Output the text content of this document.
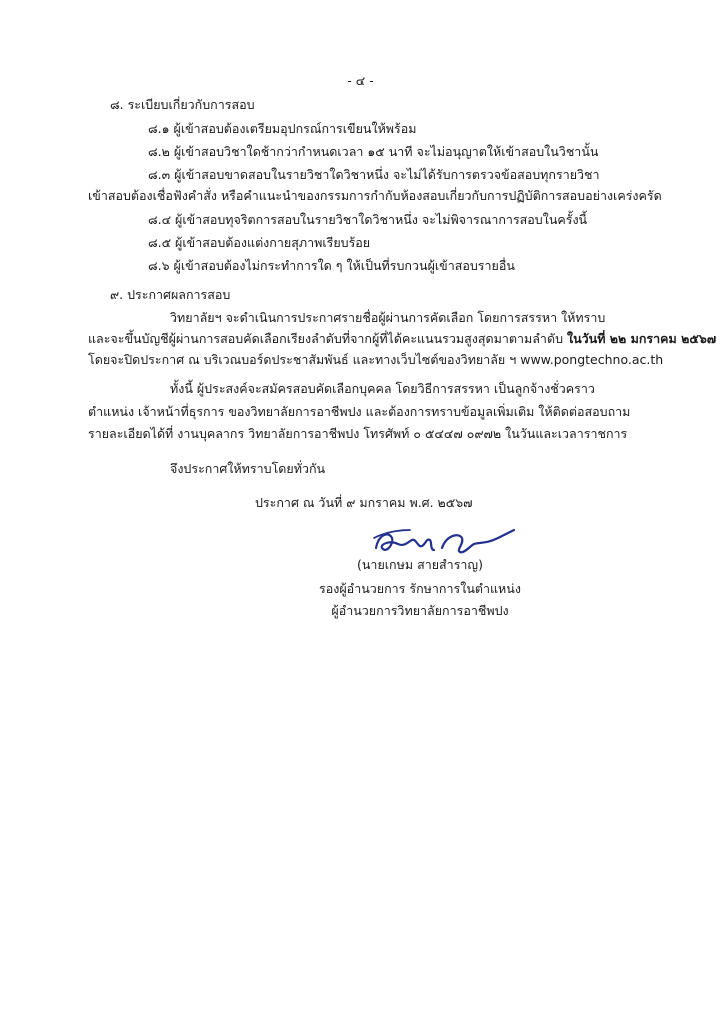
- ๔ -
๘. ระเบียบเกี่ยวกับการสอบ
๘.๑ ผู้เข้าสอบต้องเตรียมอุปกรณ์การเขียนให้พร้อม
๘.๒ ผู้เข้าสอบวิชาใดช้ากว่ากำหนดเวลา ๑๕ นาที จะไม่อนุญาตให้เข้าสอบในวิชานั้น
๘.๓ ผู้เข้าสอบขาดสอบในรายวิชาใดวิชาหนึ่ง จะไม่ได้รับการตรวจข้อสอบทุกรายวิชา
เข้าสอบต้องเชื่อฟังคำสั่ง หรือคำแนะนำของกรรมการกำกับห้องสอบเกี่ยวกับการปฏิบัติการสอบอย่างเคร่งครัด
๘.๔ ผู้เข้าสอบทุจริตการสอบในรายวิชาใดวิชาหนึ่ง จะไม่พิจารณาการสอบในครั้งนี้
๘.๕ ผู้เข้าสอบต้องแต่งกายสุภาพเรียบร้อย
๘.๖ ผู้เข้าสอบต้องไม่กระทำการใด ๆ ให้เป็นที่รบกวนผู้เข้าสอบรายอื่น
๙. ประกาศผลการสอบ
วิทยาลัยฯ จะดำเนินการประกาศรายชื่อผู้ผ่านการคัดเลือก โดยการสรรหา ให้ทราบ
และจะขึ้นบัญชีผู้ผ่านการสอบคัดเลือกเรียงลำดับที่จากผู้ที่ได้คะแนนรวมสูงสุดมาตามลำดับ ในวันที่ ๒๒ มกราคม ๒๕๖๗
โดยจะปิดประกาศ ณ บริเวณบอร์ดประชาสัมพันธ์ และทางเว็บไซต์ของวิทยาลัย ฯ www.pongtechno.ac.th
ทั้งนี้ ผู้ประสงค์จะสมัครสอบคัดเลือกบุคคล โดยวิธีการสรรหา เป็นลูกจ้างชั่วคราว
ตำแหน่ง เจ้าหน้าที่ธุรการ ของวิทยาลัยการอาชีพปง และต้องการทราบข้อมูลเพิ่มเติม ให้ติดต่อสอบถาม
รายละเอียดได้ที่ งานบุคลากร วิทยาลัยการอาชีพปง โทรศัพท์ ๐ ๕๔๔๗ ๐๙๗๒ ในวันและเวลาราชการ
จึงประกาศให้ทราบโดยทั่วกัน
ประกาศ ณ วันที่ ๙ มกราคม พ.ศ. ๒๕๖๗
(นายเกษม สายสำราญ)
รองผู้อำนวยการ รักษาการในตำแหน่ง
ผู้อำนวยการวิทยาลัยการอาชีพปง
